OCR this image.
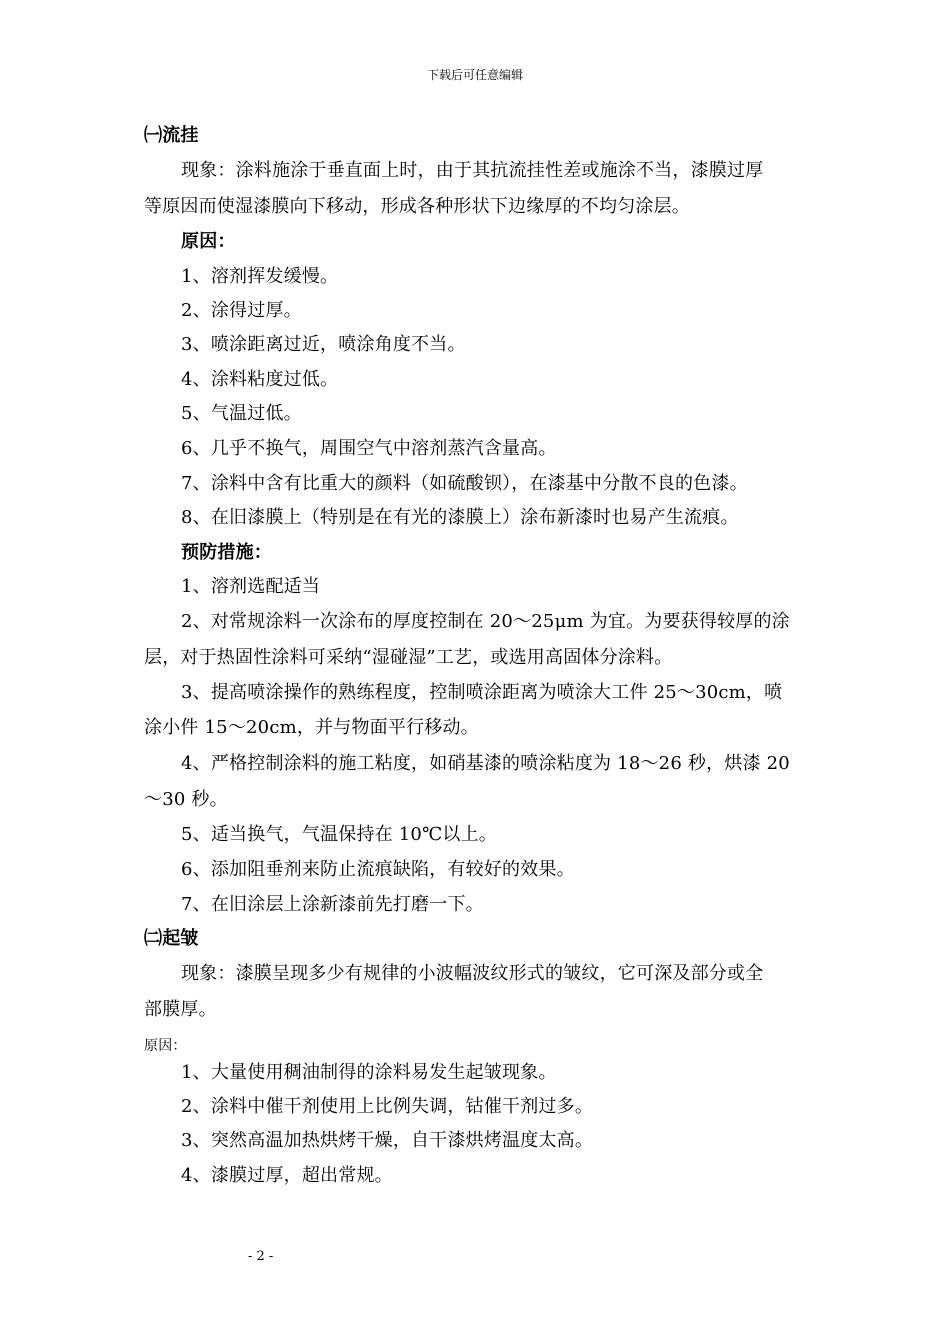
下载后可任意编辑
㈠流挂
现象：涂料施涂于垂直面上时，由于其抗流挂性差或施涂不当，漆膜过厚
等原因而使湿漆膜向下移动，形成各种形状下边缘厚的不均匀涂层。
原因：
1、溶剂挥发缓慢。
2、涂得过厚。
3、喷涂距离过近，喷涂角度不当。
4、涂料粘度过低。
5、气温过低。
6、几乎不换气，周围空气中溶剂蒸汽含量高。
7、涂料中含有比重大的颜料（如硫酸钡），在漆基中分散不良的色漆。
8、在旧漆膜上（特别是在有光的漆膜上）涂布新漆时也易产生流痕。
预防措施：
1、溶剂选配适当
2、对常规涂料一次涂布的厚度控制在 20～25μm 为宜。为要获得较厚的涂
层，对于热固性涂料可采纳“湿碰湿”工艺，或选用高固体分涂料。
3、提高喷涂操作的熟练程度，控制喷涂距离为喷涂大工件 25～30cm，喷
涂小件 15～20cm，并与物面平行移动。
4、严格控制涂料的施工粘度，如硝基漆的喷涂粘度为 18～26 秒，烘漆 20
～30 秒。
5、适当换气，气温保持在 10℃以上。
6、添加阻垂剂来防止流痕缺陷，有较好的效果。
7、在旧涂层上涂新漆前先打磨一下。
㈡起皱
现象：漆膜呈现多少有规律的小波幅波纹形式的皱纹，它可深及部分或全
部膜厚。
原因：
1、大量使用稠油制得的涂料易发生起皱现象。
2、涂料中催干剂使用上比例失调，钴催干剂过多。
3、突然高温加热烘烤干燥，自干漆烘烤温度太高。
4、漆膜过厚，超出常规。
- 2 -
